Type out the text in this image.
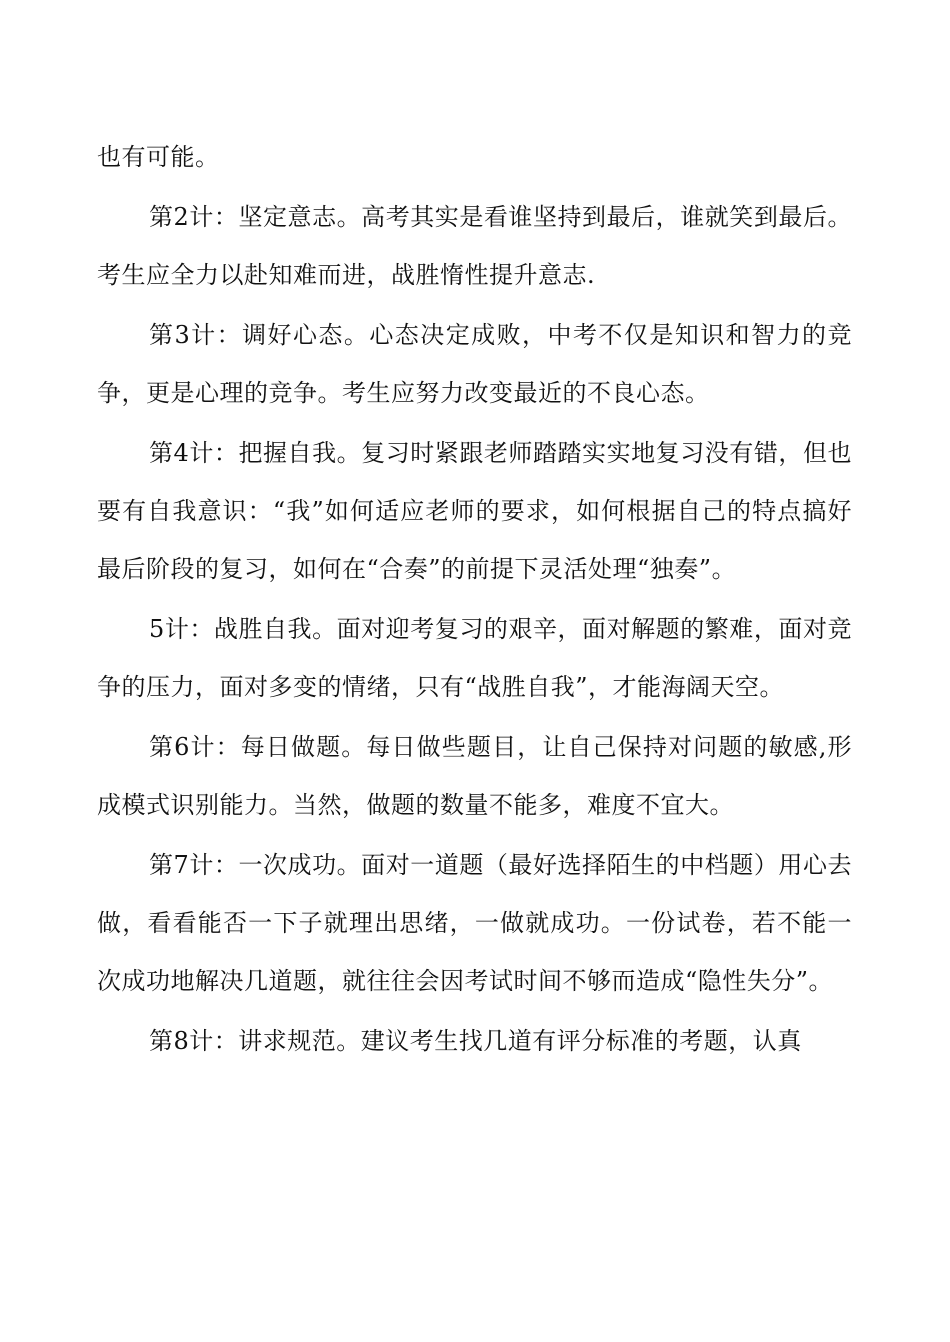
也有可能。

第2计：坚定意志。高考其实是看谁坚持到最后，谁就笑到最后。考生应全力以赴知难而进，战胜惰性提升意志.

第3计：调好心态。心态决定成败，中考不仅是知识和智力的竞争，更是心理的竞争。考生应努力改变最近的不良心态。

第4计：把握自我。复习时紧跟老师踏踏实实地复习没有错，但也要有自我意识：“我”如何适应老师的要求，如何根据自己的特点搞好最后阶段的复习，如何在“合奏”的前提下灵活处理“独奏”。

5计：战胜自我。面对迎考复习的艰辛，面对解题的繁难，面对竞争的压力，面对多变的情绪，只有“战胜自我”，才能海阔天空。

第6计：每日做题。每日做些题目，让自己保持对问题的敏感,形成模式识别能力。当然，做题的数量不能多，难度不宜大。

第7计：一次成功。面对一道题（最好选择陌生的中档题）用心去做，看看能否一下子就理出思绪，一做就成功。一份试卷，若不能一次成功地解决几道题，就往往会因考试时间不够而造成“隐性失分”。

第8计：讲求规范。建议考生找几道有评分标准的考题，认真
